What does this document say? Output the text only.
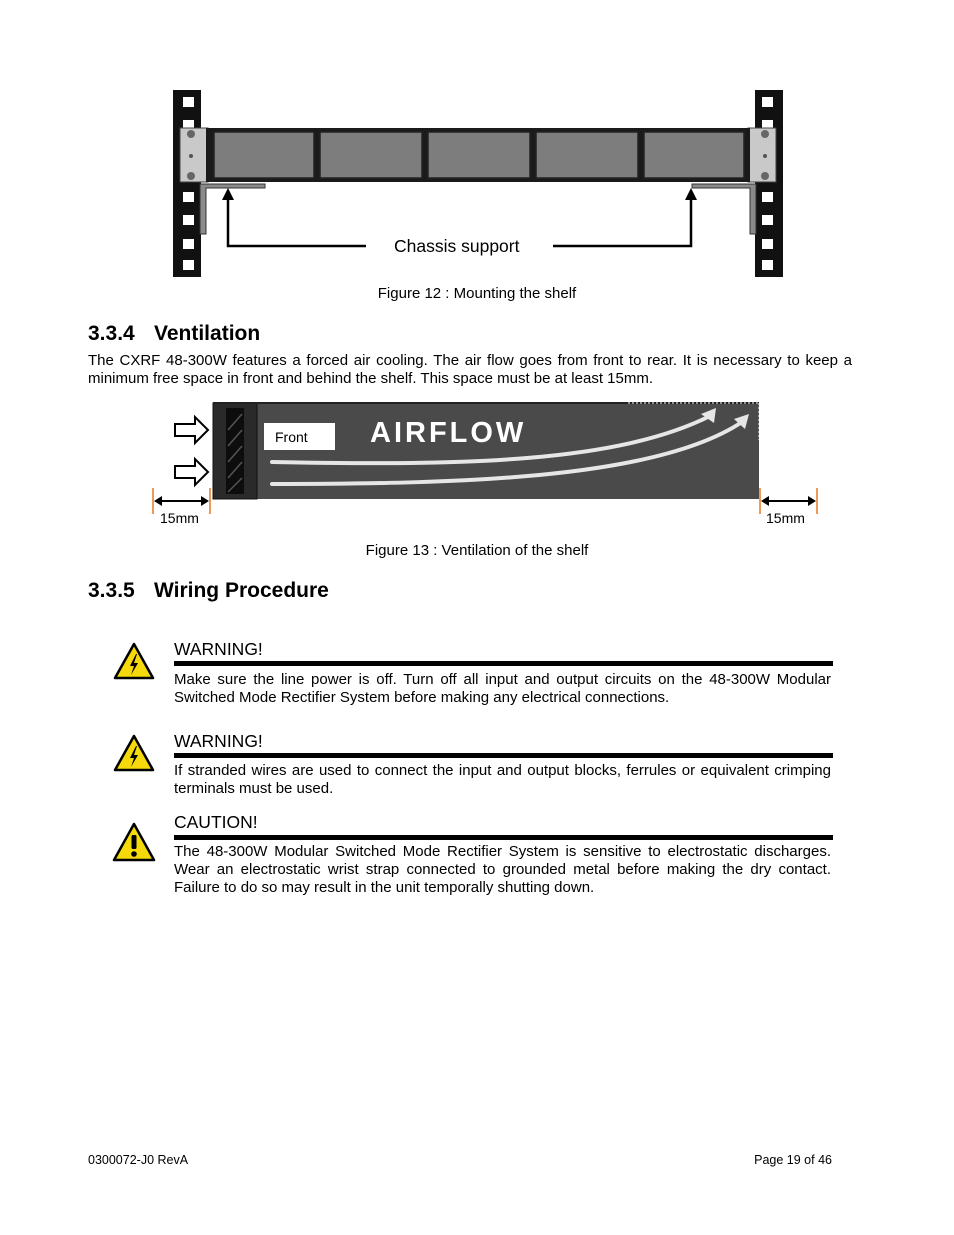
Chassis support
Figure 12 : Mounting the shelf
3.3.4 Ventilation
The CXRF 48-300W features a forced air cooling. The air flow goes from front to rear. It is necessary to keep a minimum free space in front and behind the shelf. This space must be at least 15mm.
Front AIRFLOW
15mm	15mm
Figure 13 : Ventilation of the shelf
3.3.5 Wiring Procedure
WARNING!
Make sure the line power is off. Turn off all input and output circuits on the 48-300W Modular Switched Mode Rectifier System before making any electrical connections.
WARNING!
If stranded wires are used to connect the input and output blocks, ferrules or equivalent crimping terminals must be used.
CAUTION!
The 48-300W Modular Switched Mode Rectifier System is sensitive to electrostatic discharges. Wear an electrostatic wrist strap connected to grounded metal before making the dry contact. Failure to do so may result in the unit temporally shutting down.
0300072-J0 RevA	Page 19 of 46
